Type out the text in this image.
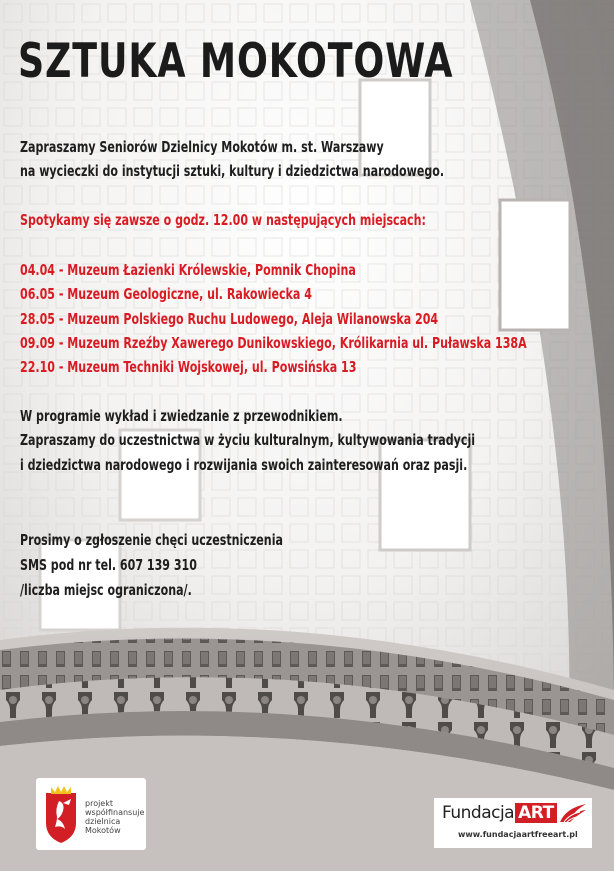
SZTUKA MOKOTOWA
Zapraszamy Seniorów Dzielnicy Mokotów m. st. Warszawy
na wycieczki do instytucji sztuki, kultury i dziedzictwa narodowego.
Spotykamy się zawsze o godz. 12.00 w następujących miejscach:
04.04 - Muzeum Łazienki Królewskie, Pomnik Chopina
06.05 - Muzeum Geologiczne, ul. Rakowiecka 4
28.05 - Muzeum Polskiego Ruchu Ludowego, Aleja Wilanowska 204
09.09 - Muzeum Rzeźby Xawerego Dunikowskiego, Królikarnia ul. Puławska 138A
22.10 - Muzeum Techniki Wojskowej, ul. Powsińska 13
W programie wykład i zwiedzanie z przewodnikiem.
Zapraszamy do uczestnictwa w życiu kulturalnym, kultywowania tradycji
i dziedzictwa narodowego i rozwijania swoich zainteresowań oraz pasji.
Prosimy o zgłoszenie chęci uczestniczenia
SMS pod nr tel. 607 139 310
/liczba miejsc ograniczona/.
projekt
współfinansuje
dzielnica
Mokotów
Fundacja ART
www.fundacjaartfreeart.pl
